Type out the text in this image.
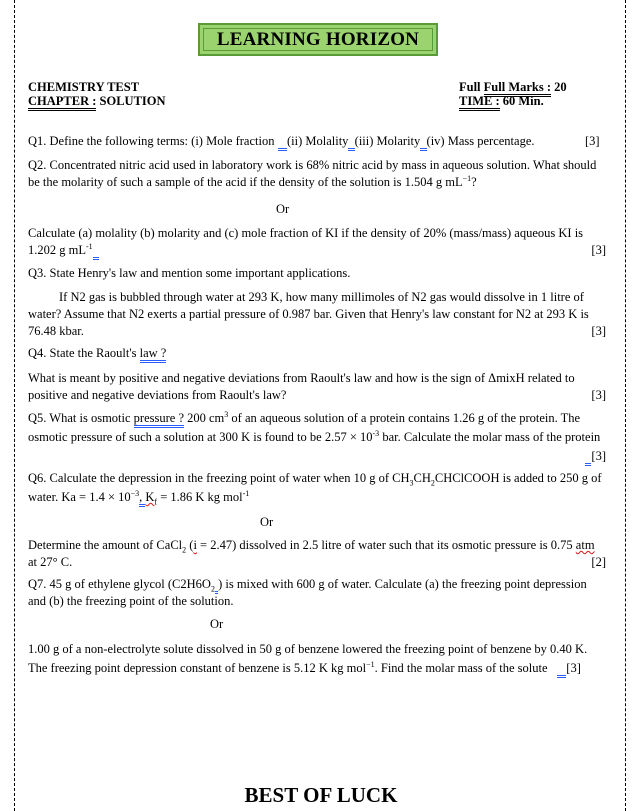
LEARNING HORIZON
CHEMISTRY TEST
CHAPTER : SOLUTION
Full Full Marks : 20
TIME : 60 Min.
Q1. Define the following terms: (i) Mole fraction    (ii) Molality (iii) Molarity (iv) Mass percentage.	[3]
Q2. Concentrated nitric acid used in laboratory work is 68% nitric acid by mass in aqueous solution. What should be the molarity of such a sample of the acid if the density of the solution is 1.504 g $mL^{-1}$?
Or
Calculate (a) molality (b) molarity and (c) mole fraction of KI if the density of 20% (mass/mass) aqueous KI is 1.202 g $mL^{-1}$	[3]
Q3. State Henry's law and mention some important applications.
If N2 gas is bubbled through water at 293 K, how many millimoles of N2 gas would dissolve in 1 litre of water? Assume that N2 exerts a partial pressure of 0.987 bar. Given that Henry's law constant for N2 at 293 K is 76.48 kbar.	[3]
Q4. State the Raoult's law ?
What is meant by positive and negative deviations from Raoult's law and how is the sign of ΔmixH related to positive and negative deviations from Raoult's law?	[3]
Q5. What is osmotic pressure ? 200 $cm^3$ of an aqueous solution of a protein contains 1.26 g of the protein. The osmotic pressure of such a solution at 300 K is found to be $2.57 \times 10^{-3}$ bar. Calculate the molar mass of the protein
[3]
Q6. Calculate the depression in the freezing point of water when 10 g of $CH_3CH_2CHClCOOH$ is added to 250 g of water. $Ka = 1.4 \times 10^{-3}$, $K_f = 1.86$ K kg mol$^{-1}$
Or
Determine the amount of CaCl$_2$ (i = 2.47) dissolved in 2.5 litre of water such that its osmotic pressure is 0.75 atm at 27° C.	[2]
Q7. 45 g of ethylene glycol ($C2H6O_2$ ) is mixed with 600 g of water. Calculate (a) the freezing point depression and (b) the freezing point of the solution.
Or
1.00 g of a non-electrolyte solute dissolved in 50 g of benzene lowered the freezing point of benzene by 0.40 K. The freezing point depression constant of benzene is 5.12 K kg mol$^{-1}$. Find the molar mass of the solute [3]
BEST OF LUCK
